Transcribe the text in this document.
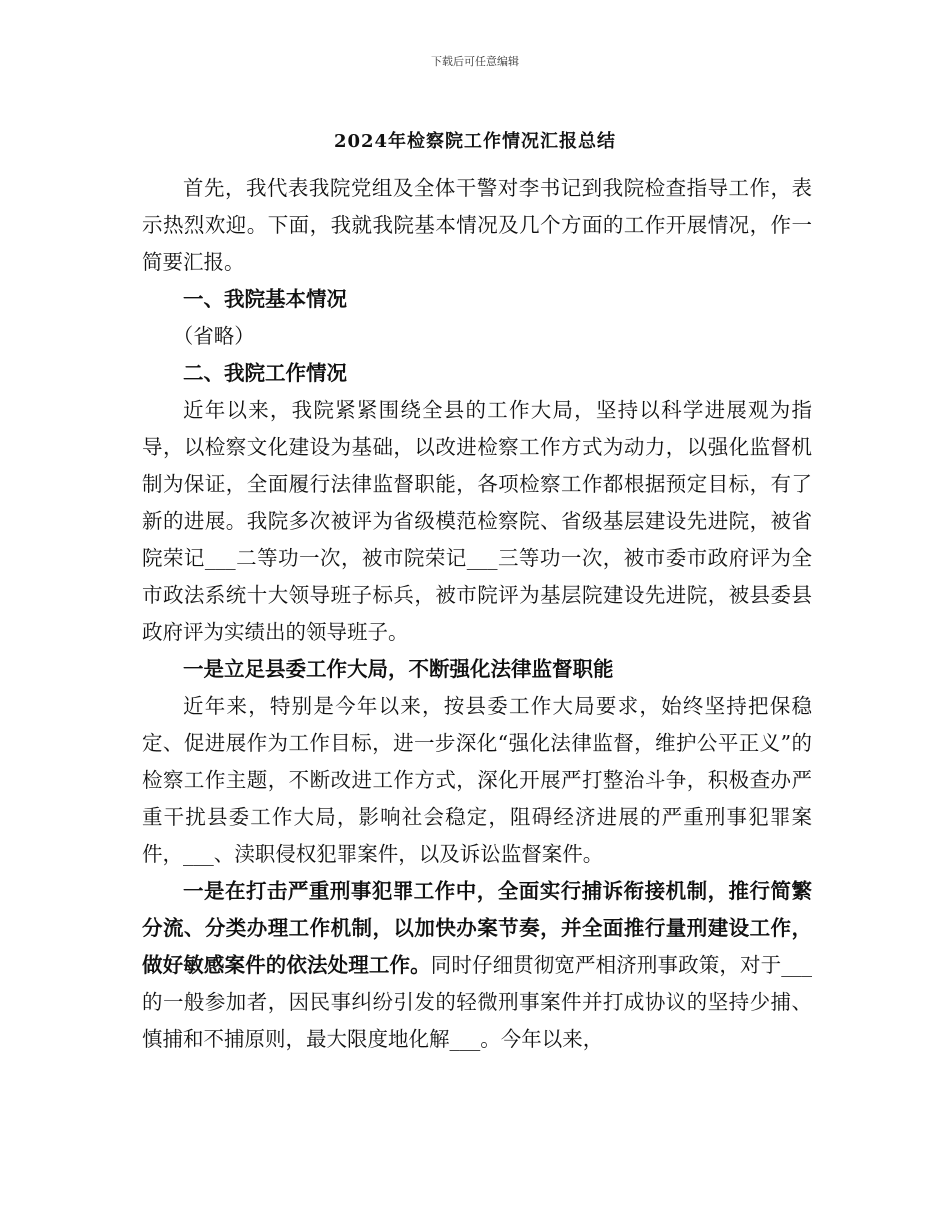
下载后可任意编辑
2024年检察院工作情况汇报总结

首先，我代表我院党组及全体干警对李书记到我院检查指导工作，表示热烈欢迎。下面，我就我院基本情况及几个方面的工作开展情况，作一简要汇报。

一、我院基本情况

（省略）

二、我院工作情况

近年以来，我院紧紧围绕全县的工作大局，坚持以科学进展观为指导，以检察文化建设为基础，以改进检察工作方式为动力，以强化监督机制为保证，全面履行法律监督职能，各项检察工作都根据预定目标，有了新的进展。我院多次被评为省级模范检察院、省级基层建设先进院，被省院荣记___二等功一次，被市院荣记___三等功一次，被市委市政府评为全市政法系统十大领导班子标兵，被市院评为基层院建设先进院，被县委县政府评为实绩出的领导班子。

一是立足县委工作大局，不断强化法律监督职能

近年来，特别是今年以来，按县委工作大局要求，始终坚持把保稳定、促进展作为工作目标，进一步深化“强化法律监督，维护公平正义”的检察工作主题，不断改进工作方式，深化开展严打整治斗争，积极查办严重干扰县委工作大局，影响社会稳定，阻碍经济进展的严重刑事犯罪案件，___、渎职侵权犯罪案件，以及诉讼监督案件。

一是在打击严重刑事犯罪工作中，全面实行捕诉衔接机制，推行简繁分流、分类办理工作机制，以加快办案节奏，并全面推行量刑建设工作，做好敏感案件的依法处理工作。同时仔细贯彻宽严相济刑事政策，对于___的一般参加者，因民事纠纷引发的轻微刑事案件并打成协议的坚持少捕、慎捕和不捕原则，最大限度地化解___。今年以来，
